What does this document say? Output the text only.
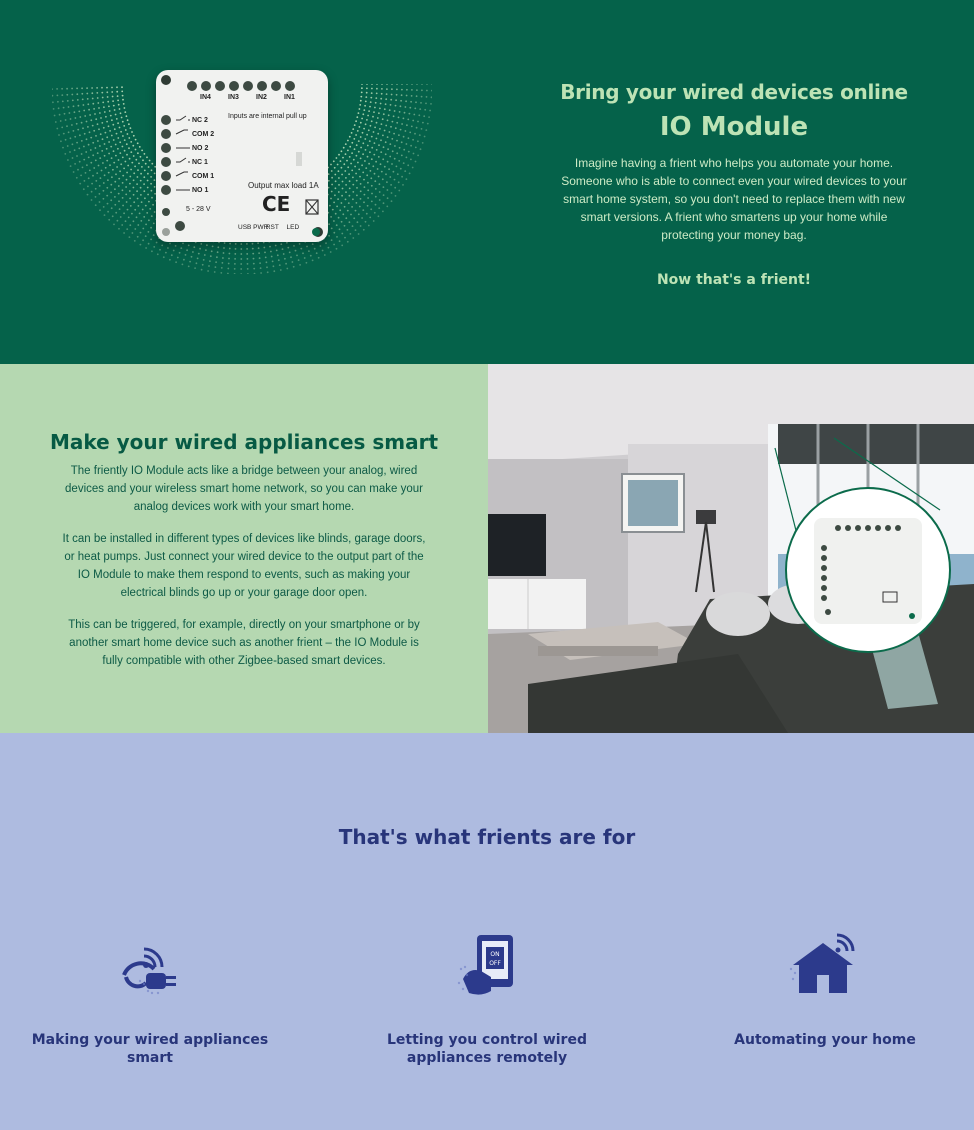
IN4 IN3 IN2 IN1
Inputs are internal pull up
NC 2
COM 2
NO 2
NC 1
COM 1
NO 1
Output max load 1A
CE
5 - 28 V
USB PWR RST LED
Bring your wired devices online
IO Module

Imagine having a frient who helps you automate your home. Someone who is able to connect even your wired devices to your smart home system, so you don't need to replace them with new smart versions. A frient who smartens up your home while protecting your money bag.

Now that's a frient!
Make your wired appliances smart

The friently IO Module acts like a bridge between your analog, wired devices and your wireless smart home network, so you can make your analog devices work with your smart home.

It can be installed in different types of devices like blinds, garage doors, or heat pumps. Just connect your wired device to the output part of the IO Module to make them respond to events, such as making your electrical blinds go up or your garage door open.

This can be triggered, for example, directly on your smartphone or by another smart home device such as another frient – the IO Module is fully compatible with other Zigbee-based smart devices.

That's what frients are for
Making your wired appliances smart
ON
OFF
Letting you control wired appliances remotely
Automating your home
